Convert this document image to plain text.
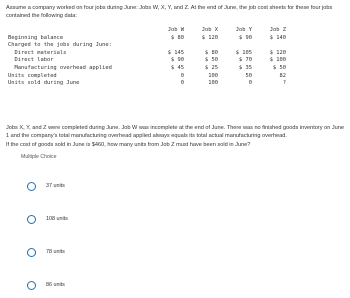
Assume a company worked on four jobs during June: Jobs W, X, Y, and Z. At the end of June, the job cost sheets for these four jobs contained the following data:
	Job W	Job X	Job Y	Job Z
Beginning balance	$ 80	$ 120	$ 90	$ 140
Charged to the jobs during June:				
Direct materials	$ 145	$ 80	$ 105	$ 120
Direct labor	$ 90	$ 50	$ 70	$ 100
Manufacturing overhead applied	$ 45	$ 25	$ 35	$ 50
Units completed	0	100	50	82
Units sold during June	0	100	0	?
Jobs X, Y, and Z were completed during June. Job W was incomplete at the end of June. There was no finished goods inventory on June 1 and the company's total manufacturing overhead applied always equals its total actual manufacturing overhead.
If the cost of goods sold in June is $460, how many units from Job Z must have been sold in June?
Multiple Choice
37 units
108 units
78 units
86 units
